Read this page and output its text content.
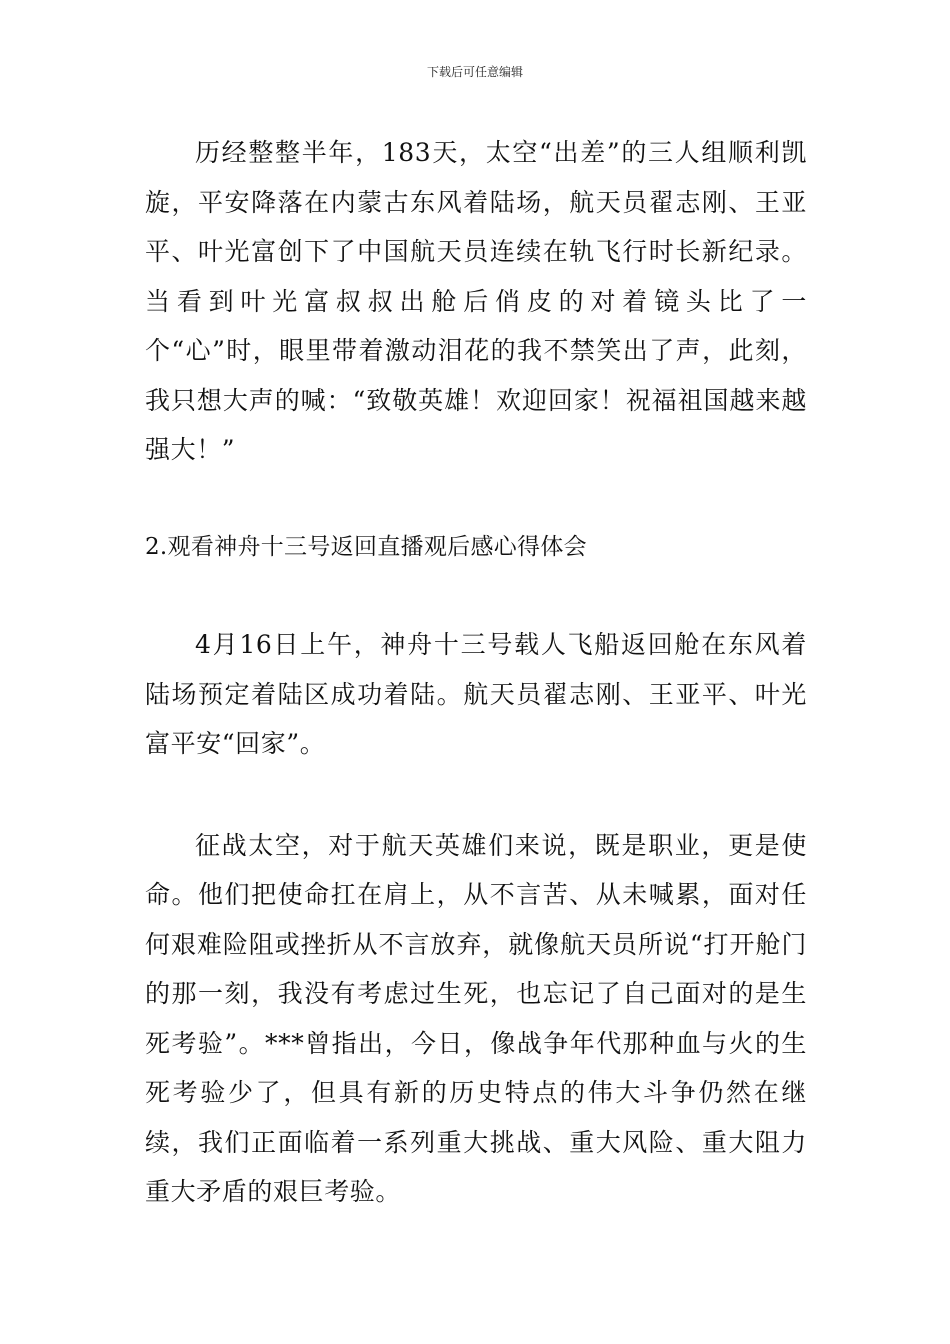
下载后可任意编辑

历经整整半年，183天，太空“出差”的三人组顺利凯旋，平安降落在内蒙古东风着陆场，航天员翟志刚、王亚平、叶光富创下了中国航天员连续在轨飞行时长新纪录。当看到叶光富叔叔出舱后俏皮的对着镜头比了一个“心”时，眼里带着激动泪花的我不禁笑出了声，此刻，我只想大声的喊：“致敬英雄！欢迎回家！祝福祖国越来越强大！”

2.观看神舟十三号返回直播观后感心得体会

4月16日上午，神舟十三号载人飞船返回舱在东风着陆场预定着陆区成功着陆。航天员翟志刚、王亚平、叶光富平安“回家”。

征战太空，对于航天英雄们来说，既是职业，更是使命。他们把使命扛在肩上，从不言苦、从未喊累，面对任何艰难险阻或挫折从不言放弃，就像航天员所说“打开舱门的那一刻，我没有考虑过生死，也忘记了自己面对的是生死考验”。***曾指出，今日，像战争年代那种血与火的生死考验少了，但具有新的历史特点的伟大斗争仍然在继续，我们正面临着一系列重大挑战、重大风险、重大阻力重大矛盾的艰巨考验。
